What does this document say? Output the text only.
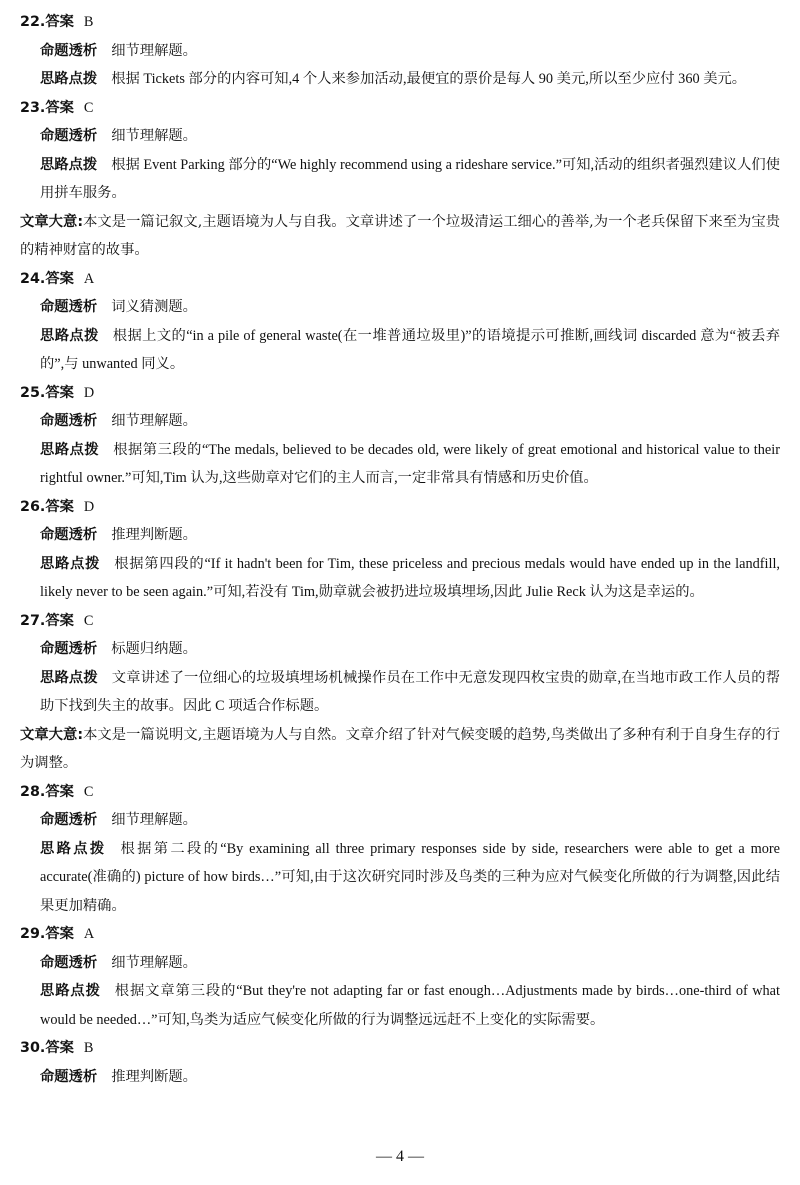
22.答案 B
命题透析 细节理解题。
思路点拨 根据 Tickets 部分的内容可知,4 个人来参加活动,最便宜的票价是每人 90 美元,所以至少应付 360 美元。
23.答案 C
命题透析 细节理解题。
思路点拨 根据 Event Parking 部分的“We highly recommend using a rideshare service.”可知,活动的组织者强烈建议人们使用拼车服务。
文章大意:本文是一篇记叙文,主题语境为人与自我。文章讲述了一个垃圾清运工细心的善举,为一个老兵保留下来至为宝贵的精神财富的故事。
24.答案 A
命题透析 词义猜测题。
思路点拨 根据上文的“in a pile of general waste(在一堆普通垃圾里)”的语境提示可推断,画线词 discarded 意为“被丢弃的”,与 unwanted 同义。
25.答案 D
命题透析 细节理解题。
思路点拨 根据第三段的“The medals, believed to be decades old, were likely of great emotional and historical value to their rightful owner.”可知,Tim 认为,这些勋章对它们的主人而言,一定非常具有情感和历史价值。
26.答案 D
命题透析 推理判断题。
思路点拨 根据第四段的“If it hadn't been for Tim, these priceless and precious medals would have ended up in the landfill, likely never to be seen again.”可知,若没有 Tim,勋章就会被扔进垃圾填埋场,因此 Julie Reck 认为这是幸运的。
27.答案 C
命题透析 标题归纳题。
思路点拨 文章讲述了一位细心的垃圾填埋场机械操作员在工作中无意发现四枚宝贵的勋章,在当地市政工作人员的帮助下找到失主的故事。因此 C 项适合作标题。
文章大意:本文是一篇说明文,主题语境为人与自然。文章介绍了针对气候变暖的趋势,鸟类做出了多种有利于自身生存的行为调整。
28.答案 C
命题透析 细节理解题。
思路点拨 根据第二段的“By examining all three primary responses side by side, researchers were able to get a more accurate(准确的) picture of how birds…”可知,由于这次研究同时涉及鸟类的三种为应对气候变化所做的行为调整,因此结果更加精确。
29.答案 A
命题透析 细节理解题。
思路点拨 根据文章第三段的“But they're not adapting far or fast enough…Adjustments made by birds…one-third of what would be needed…”可知,鸟类为适应气候变化所做的行为调整远远赶不上变化的实际需要。
30.答案 B
命题透析 推理判断题。
— 4 —
